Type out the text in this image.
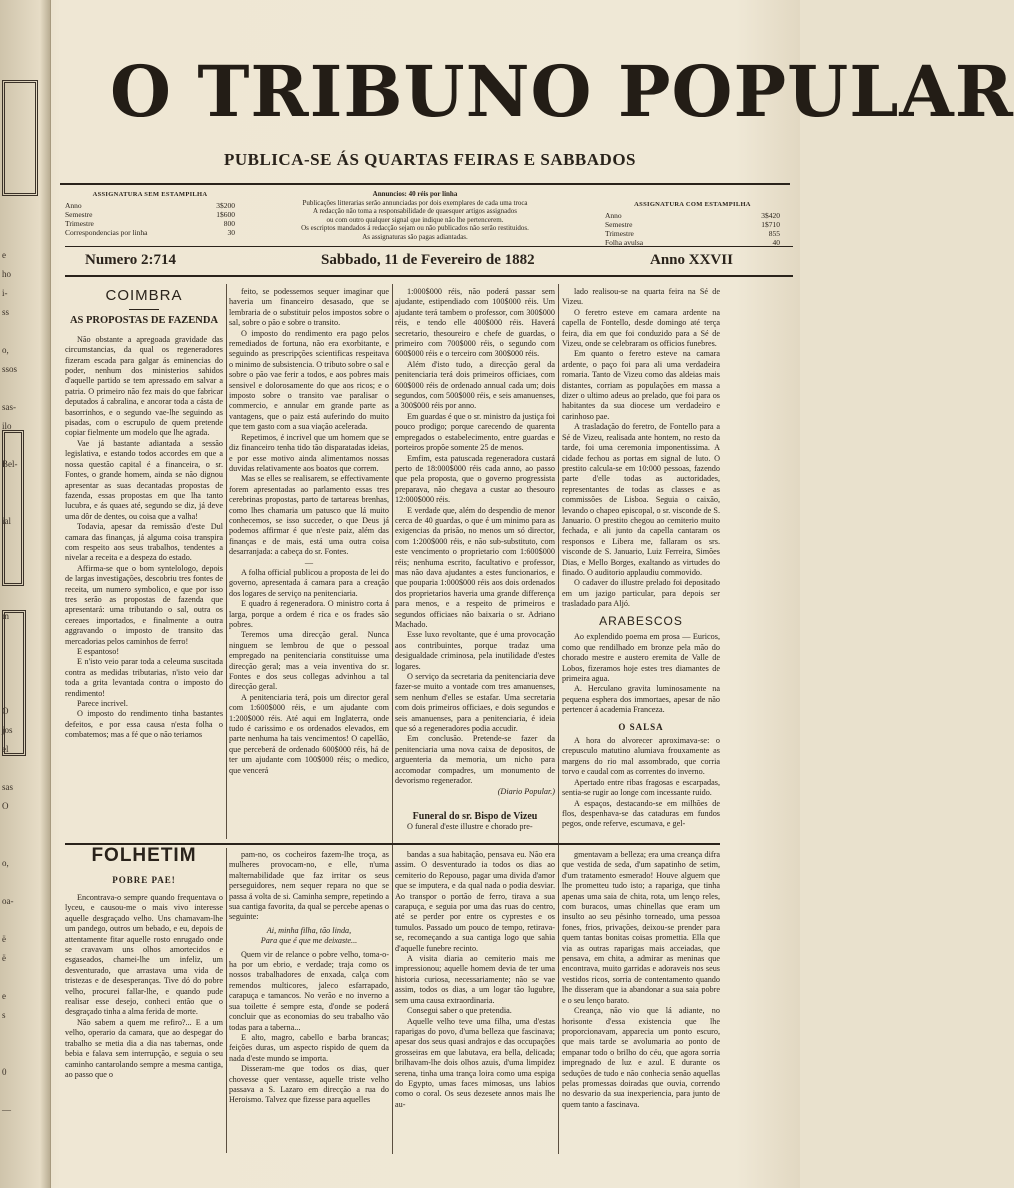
e
ho
i-
ss
o,
ssos
sas-
ilo
Bel-
ial
m
O
jos
el
sas
O
o,
oa-
ë
ë
e
s
0
—
O TRIBUNO POPULAR
PUBLICA-SE ÁS QUARTAS FEIRAS E SABBADOS
ASSIGNATURA SEM ESTAMPILHA
Anno	3$200
Semestre	1$600
Trimestre	800
Correspondencias por linha	30
Annuncios: 40 réis por linha
Publicações litterarias serão annunciadas por dois exemplares de cada uma troca
A redacção não toma a responsabilidade de quaesquer artigos assignados
ou com outro qualquer signal que indique não lhe pertencerem.
Os escriptos mandados á redacção sejam ou não publicados não serão restituidos.
As assignaturas são pagas adiantadas.
ASSIGNATURA COM ESTAMPILHA
Anno	3$420
Semestre	1$710
Trimestre	855
Folha avulsa	40
Numero 2:714	Sabbado, 11 de Fevereiro de 1882	Anno XXVII
COIMBRA
AS PROPOSTAS DE FAZENDA

Não obstante a apregoada gravidade das circumstancias, da qual os regeneradores fizeram escada para galgar ás eminencias do poder, nenhum dos ministerios sahidos d'aquelle partido se tem apressado em salvar a patria. O primeiro não fez mais do que fabricar deputados á cabralina, e ancorar toda a cásta de basorrinhos, e o segundo vae-lhe seguindo as pisadas, com o escrupulo de quem pretende copiar fielmente um modelo que lhe agrada.

Vae já bastante adiantada a sessão legislativa, e estando todos accordes em que a nossa questão capital é a financeira, o sr. Fontes, o grande homem, ainda se não dignou apresentar as suas decantadas propostas de fazenda, essas propostas em que lha tanto lucubra, e ás quaes até, segundo se diz, já deve uma dôr de dentes, ou coisa que a valha!

Todavia, apesar da remissão d'este Dul camara das finanças, já alguma coisa transpira com respeito aos seus trabalhos, tendentes a nivelar a receita e a despeza do estado.

Affirma-se que o bom syntelologo, depois de largas investigações, descobriu tres fontes de receita, um numero symbolico, e que por isso tres serão as propostas de fazenda que apresentará: uma tributando o sal, outra os cereaes importados, e finalmente a outra aggravando o imposto de transito das mercadorias pelos caminhos de ferro!

E espantoso!

E n'isto veio parar toda a celeuma suscitada contra as medidas tributarias, n'isto veio dar toda a grita levantada contra o imposto do rendimento!

Parece incrivel.

O imposto do rendimento tinha bastantes defeitos, e por essa causa n'esta folha o combatemos; mas a fé que o não teriamos

feito, se podessemos sequer imaginar que haveria um financeiro desasado, que se lembraria de o substituir pelos impostos sobre o sal, sobre o pão e sobre o transito.

O imposto do rendimento era pago pelos remediados de fortuna, não era exorbitante, e seguindo as prescripções scientificas respeitava o minimo de subsistencia. O tributo sobre o sal e sobre o pão vae ferir a todos, e aos pobres mais sensivel e dolorosamente do que aos ricos; e o imposto sobre o transito vae paralisar o commercio, e annular em grande parte as vantagens, que o paiz está auferindo do muito que tem gasto com a sua viação acelerada.

Repetimos, é incrivel que um homem que se diz financeiro tenha tido tão disparatadas ideias, e por esse motivo ainda alimentamos nossas duvidas relativamente aos boatos que correm.

Mas se elles se realisarem, se effectivamente forem apresentadas ao parlamento essas tres cerebrinas propostas, parto de tartareas brenhas, como lhes chamaria um patusco que lá muito conhecemos, se isso succeder, o que Deus já podemos affirmar é que n'este paiz, além das finanças e de mais, está uma outra coisa desarranjada: a cabeça do sr. Fontes.

—

A folha official publicou a proposta de lei do governo, apresentada á camara para a creação dos logares de serviço na penitenciaria.

E quadro á regeneradora. O ministro corta á larga, porque a ordem é rica e os frades são pobres.

Teremos uma direcção geral. Nunca ninguem se lembrou de que o pessoal empregado na penitenciaria constituisse uma direcção geral; mas a veia inventiva do sr. Fontes e dos seus collegas advinhou a tal direcção geral.

A penitenciaria terá, pois um director geral com 1:600$000 réis, e um ajudante com 1:200$000 réis. Até aqui em Inglaterra, onde tudo é carissimo e os ordenados elevados, em parte nenhuma ha tais vencimentos! O capellão, que perceberá de ordenado 600$000 réis, há de ter um ajudante com 100$000 réis; o medico, que vencerá

1:000$000 réis, não poderá passar sem ajudante, estipendiado com 100$000 réis. Um ajudante terá tambem o professor, com 300$000 réis, e tendo elle 400$000 réis. Haverá secretario, thesoureiro e chefe de guardas, o primeiro com 700$000 réis, o segundo com 600$000 réis e o terceiro com 300$000 réis.

Além d'isto tudo, a direcção geral da penitenciaria terá dois primeiros officiaes, com 600$000 réis de ordenado annual cada um; dois segundos, com 500$000 réis, e seis amanuenses, a 300$000 réis por anno.

Em guardas é que o sr. ministro da justiça foi pouco prodigo; porque carecendo de quarenta empregados o estabelecimento, entre guardas e porteiros propõe somente 25 de menos.

Emfim, esta patuscada regeneradora custará perto de 18:000$000 réis cada anno, ao passo que pela proposta, que o governo progressista preparava, não chegava a custar ao thesouro 12:000$000 réis.

E verdade que, além do despendio de menor cerca de 40 guardas, o que é um minimo para as exigencias da prisão, no menos um só director, com 1:200$000 réis, e não sub-substituto, com este vencimento o proprietario com 1:600$000 réis; nenhuma escrito, facultativo e professor, mas não dava ajudantes a estes funcionarios, e que pouparia 1:000$000 réis aos dois ordenados dos proprietarios haveria uma grande differença para menos, e a respeito de primeiros e segundos officiaes não baixaria o sr. Adriano Machado.

Esse luxo revoltante, que é uma provocação aos contribuintes, porque tradaz uma desigualdade criminosa, pela inutilidade d'estes logares.

O serviço da secretaria da penitenciaria deve fazer-se muito a vontade com tres amanuenses, sem nenhum d'elles se estafar. Uma secretaria com dois primeiros officiaes, e dois segundos e seis amanuenses, para a penitenciaria, é ideia que só a regeneradores podia accudir.

Em conclusão. Pretende-se fazer da penitenciaria uma nova caixa de depositos, de arguenteria da memoria, um nicho para accomodar compadres, um monumento de devorismo regenerador.

(Diario Popular.)

Funeral do sr. Bispo de Vizeu

O funeral d'este illustre e chorado pre-

lado realisou-se na quarta feira na Sé de Vizeu.

O feretro esteve em camara ardente na capella de Fontello, desde domingo até terça feira, dia em que foi conduzido para a Sé de Vizeu, onde se celebraram os officios funebres.

Em quanto o feretro esteve na camara ardente, o paço foi para ali uma verdadeira romaria. Tanto de Vizeu como das aldeias mais distantes, corriam as populações em massa a dizer o ultimo adeus ao prelado, que foi para os habitantes da sua diocese um verdadeiro e carinhoso pae.

A trasladação do feretro, de Fontello para a Sé de Vizeu, realisada ante hontem, no resto da tarde, foi uma ceremonia imponentissima. A cidade fechou as portas em signal de luto. O prestito calcula-se em 10:000 pessoas, fazendo parte d'elle todas as auctoridades, representantes de todas as classes e as commissões de Lisboa. Seguia o caixão, levando o chapeo episcopal, o sr. visconde de S. Januario. O prestito chegou ao cemiterio muito fechada, e ali junto da capella cantaram os responsos e Libera me, fallaram os srs. visconde de S. Januario, Luiz Ferreira, Simões Dias, e Mello Borges, exaltando as virtudes do finado. O auditorio applaudiu commovido.

O cadaver do illustre prelado foi depositado em um jazigo particular, para depois ser trasladado para Aljó.

ARABESCOS

Ao explendido poema em prosa — Euricos, como que rendilhado em bronze pela mão do chorado mestre e austero eremita de Valle de Lobos, fizeramos hoje estes tres diamantes de primeira agua.

A. Herculano gravita luminosamente na pequena esphera dos immortaes, apesar de não pertencer á academia Franceza.

O SALSA

A hora do alvorecer aproximava-se: o crepusculo matutino alumiava frouxamente as margens do rio mal assombrado, que corria torvo e caudal com as correntes do inverno.

Apertado entre ribas fragosas e escarpadas, sentia-se rugir ao longe com incessante ruido.

A espaços, destacando-se em milhões de flos, despenhava-se das cataduras em fundos pegos, onde referve, escumava, e gel-

FOLHETIM
POBRE PAE!

Encontrava-o sempre quando frequentava o lyceu, e causou-me o mais vivo interesse aquelle desgraçado velho. Uns chamavam-lhe um pandego, outros um bebado, e eu, depois de attentamente fitar aquelle rosto enrugado onde se cravavam uns olhos amortecidos e esgaseados, chamei-lhe um infeliz, um desventurado, que arrastava uma vida de tristezas e de desesperanças. Tive dó do pobre velho, procurei fallar-lhe, e quando pude realisar esse desejo, conheci então que o desgraçado tinha a alma ferida de morte.

Não sabem a quem me refiro?... E a um velho, operario da camara, que ao despegar do trabalho se metia dia a dia nas tabernas, onde bebia e falava sem interrupção, e seguia o seu caminho cantarolando sempre a mesma cantiga, ao passo que o

pam-no, os cocheiros fazem-lhe troça, as mulheres provocam-no, e elle, n'uma malternabilidade que faz irritar os seus perseguidores, nem sequer repara no que se passa á volta de si. Caminha sempre, repetindo a sua cantiga favorita, da qual se percebe apenas o seguinte:

Ai, minha filha, tão linda,
Para que é que me deixaste...

Quem vir de relance o pobre velho, toma-o-ha por um ebrio, e verdade; traja como os nossos trabalhadores de enxada, calça com remendos multicores, jaleco esfarrapado, carapuça e tamancos. No verão e no inverno a sua toilette é sempre esta, d'onde se poderá concluir que as economias do seu trabalho vão todas para a taberna...

E alto, magro, cabello e barba brancas; feições duras, um aspecto rispido de quem da nada d'este mundo se importa.

Disseram-me que todos os dias, quer chovesse quer ventasse, aquelle triste velho passava a S. Lazaro em direcção a rua do Heroismo. Talvez que fizesse para aquelles

bandas a sua habitação, pensava eu. Não era assim. O desventurado ia todos os dias ao cemiterio do Repouso, pagar uma divida d'amor que se imputera, e da qual nada o podia desviar. Ao transpor o portão de ferro, tirava a sua carapuça, e seguia por uma das ruas do centro, até se perder por entre os cyprestes e os tumulos. Passado um pouco de tempo, retirava-se, recomeçando a sua cantiga logo que sahia d'aquelle funebre recinto.

A visita diaria ao cemiterio mais me impressionou; aquelle homem devia de ter uma historia curiosa, necessariamente; não se vae assim, todos os dias, a um logar tão lugubre, sem uma causa extraordinaria.

Consegui saber o que pretendia.

Aquelle velho teve uma filha, uma d'estas raparigas do povo, d'uma belleza que fascinava; apesar dos seus quasi andrajos e das occupações grosseiras em que labutava, era bella, delicada; brilhavam-lhe dois olhos azuis, d'uma limpidez serena, tinha uma trança loira como uma espiga do Egypto, umas faces mimosas, uns labios como o coral. Os seus dezesete annos mais lhe au-

gmentavam a belleza; era uma creança difra que vestida de seda, d'um sapatinho de setim, d'um tratamento esmerado! Houve alguem que lhe prometteu tudo isto; a rapariga, que tinha apenas uma saia de chita, rota, um lenço reles, com buracos, umas chinellas que eram um insulto ao seu pésinho torneado, uma pessoa fones, frios, privações, deixou-se prender para quem tantas bonitas coisas promettia. Ella que via as outras raparigas mais acceiadas, que pensava, em chita, a admirar as meninas que encontrava, muito garridas e adoraveis nos seus vestidos ricos, sorria de contentamento quando lhe disseram que ia abandonar a sua saia pobre e o seu lenço barato.

Creança, não vio que lá adiante, no horisonte d'essa existencia que lhe proporcionavam, apparecia um ponto escuro, que mais tarde se avolumaria ao ponto de empanar todo o brilho do céu, que agora sorria impregnado de luz e azul. E durante os seduções de tudo e não conhecia senão aquellas pelas promessas doiradas que ouvia, correndo no desvario da sua inexperiencia, para junto de quem tanto a fascinava.
